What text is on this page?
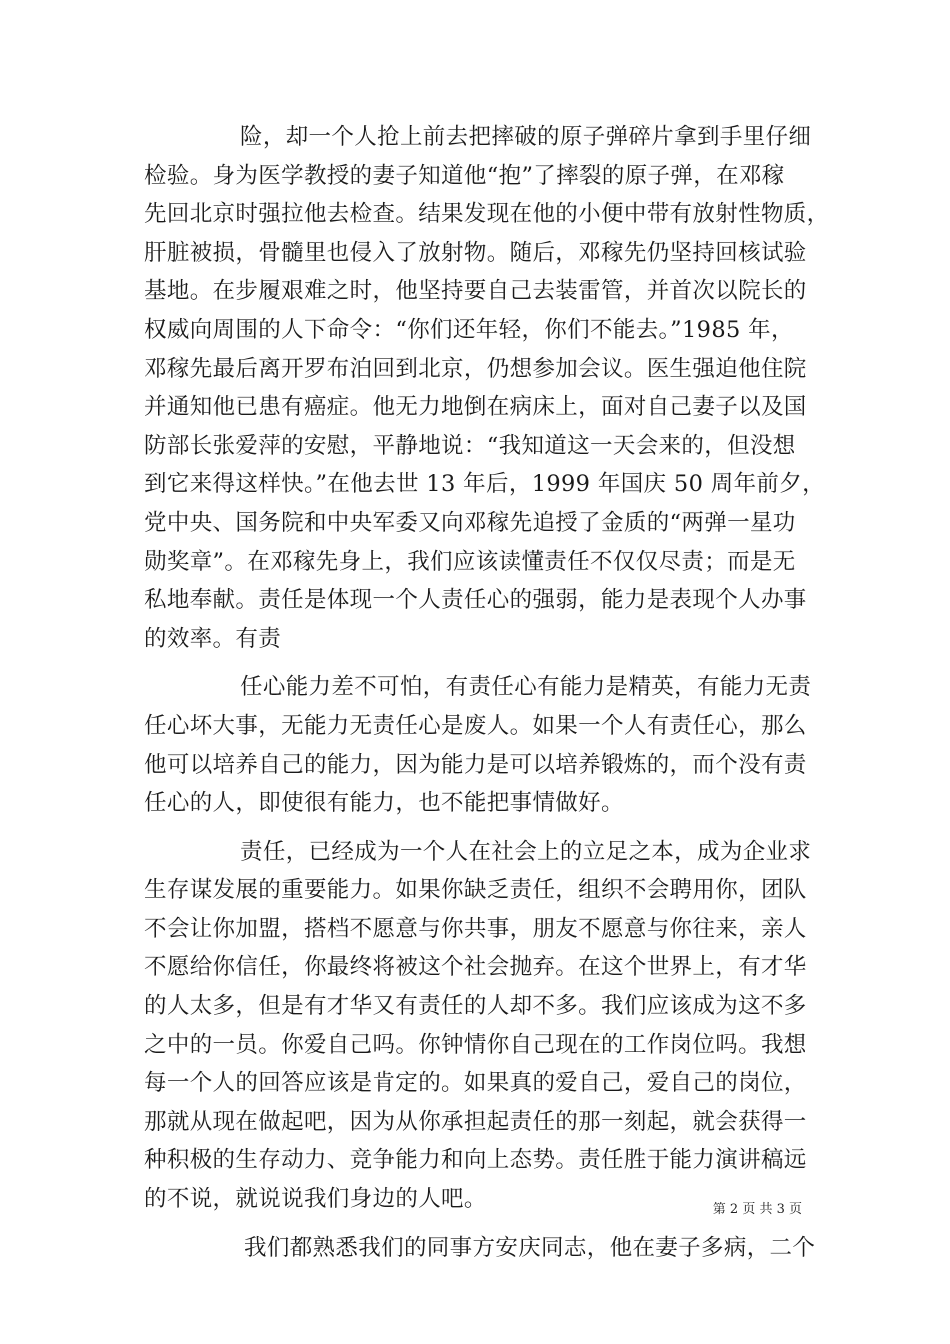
险，却一个人抢上前去把摔破的原子弹碎片拿到手里仔细
检验。身为医学教授的妻子知道他“抱”了摔裂的原子弹，在邓稼
先回北京时强拉他去检查。结果发现在他的小便中带有放射性物质，
肝脏被损，骨髓里也侵入了放射物。随后，邓稼先仍坚持回核试验
基地。在步履艰难之时，他坚持要自己去装雷管，并首次以院长的
权威向周围的人下命令：“你们还年轻，你们不能去。”1985 年，
邓稼先最后离开罗布泊回到北京，仍想参加会议。医生强迫他住院
并通知他已患有癌症。他无力地倒在病床上，面对自己妻子以及国
防部长张爱萍的安慰，平静地说：“我知道这一天会来的，但没想
到它来得这样快。”在他去世 13 年后，1999 年国庆 50 周年前夕，
党中央、国务院和中央军委又向邓稼先追授了金质的“两弹一星功
勋奖章”。在邓稼先身上，我们应该读懂责任不仅仅尽责；而是无
私地奉献。责任是体现一个人责任心的强弱，能力是表现个人办事
的效率。有责
任心能力差不可怕，有责任心有能力是精英，有能力无责
任心坏大事，无能力无责任心是废人。如果一个人有责任心，那么
他可以培养自己的能力，因为能力是可以培养锻炼的，而个没有责
任心的人，即使很有能力，也不能把事情做好。
责任，已经成为一个人在社会上的立足之本，成为企业求
生存谋发展的重要能力。如果你缺乏责任，组织不会聘用你，团队
不会让你加盟，搭档不愿意与你共事，朋友不愿意与你往来，亲人
不愿给你信任，你最终将被这个社会抛弃。在这个世界上，有才华
的人太多，但是有才华又有责任的人却不多。我们应该成为这不多
之中的一员。你爱自己吗。你钟情你自己现在的工作岗位吗。我想
每一个人的回答应该是肯定的。如果真的爱自己，爱自己的岗位，
那就从现在做起吧，因为从你承担起责任的那一刻起，就会获得一
种积极的生存动力、竞争能力和向上态势。责任胜于能力演讲稿远
的不说，就说说我们身边的人吧。
我们都熟悉我们的同事方安庆同志，他在妻子多病，二个
第 2 页 共 3 页
